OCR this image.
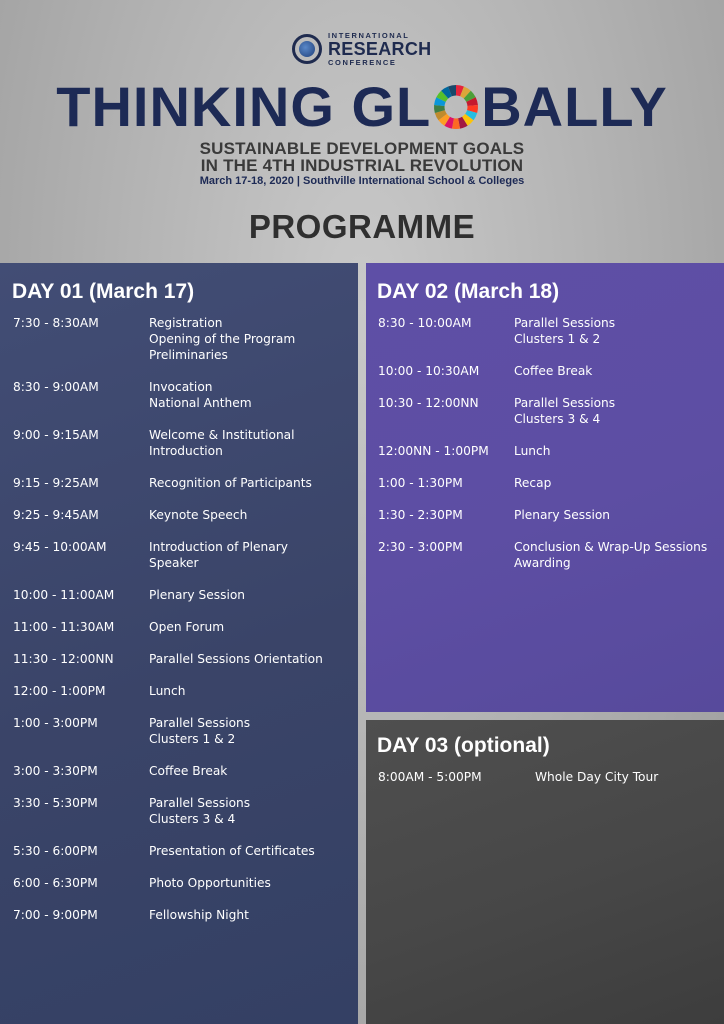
INTERNATIONAL
RESEARCH
CONFERENCE
THINKING GL BALLY
SUSTAINABLE DEVELOPMENT GOALS
IN THE 4TH INDUSTRIAL REVOLUTION
March 17-18, 2020 | Southville International School & Colleges
PROGRAMME
DAY 01 (March 17)
7:30 - 8:30AM	Registration
Opening of the Program
Preliminaries
8:30 - 9:00AM	Invocation
National Anthem
9:00 - 9:15AM	Welcome & Institutional
Introduction
9:15 - 9:25AM	Recognition of Participants
9:25 - 9:45AM	Keynote Speech
9:45 - 10:00AM	Introduction of Plenary
Speaker
10:00 - 11:00AM	Plenary Session
11:00 - 11:30AM	Open Forum
11:30 - 12:00NN	Parallel Sessions Orientation
12:00 - 1:00PM	Lunch
1:00 - 3:00PM	Parallel Sessions
Clusters 1 & 2
3:00 - 3:30PM	Coffee Break
3:30 - 5:30PM	Parallel Sessions
Clusters 3 & 4
5:30 - 6:00PM	Presentation of Certificates
6:00 - 6:30PM	Photo Opportunities
7:00 - 9:00PM	Fellowship Night
DAY 02 (March 18)
8:30 - 10:00AM	Parallel Sessions
Clusters 1 & 2
10:00 - 10:30AM	Coffee Break
10:30 - 12:00NN	Parallel Sessions
Clusters 3 & 4
12:00NN - 1:00PM Lunch
1:00 - 1:30PM	Recap
1:30 - 2:30PM	Plenary Session
2:30 - 3:00PM	Conclusion & Wrap-Up Sessions
Awarding
DAY 03 (optional)
8:00AM - 5:00PM	Whole Day City Tour
